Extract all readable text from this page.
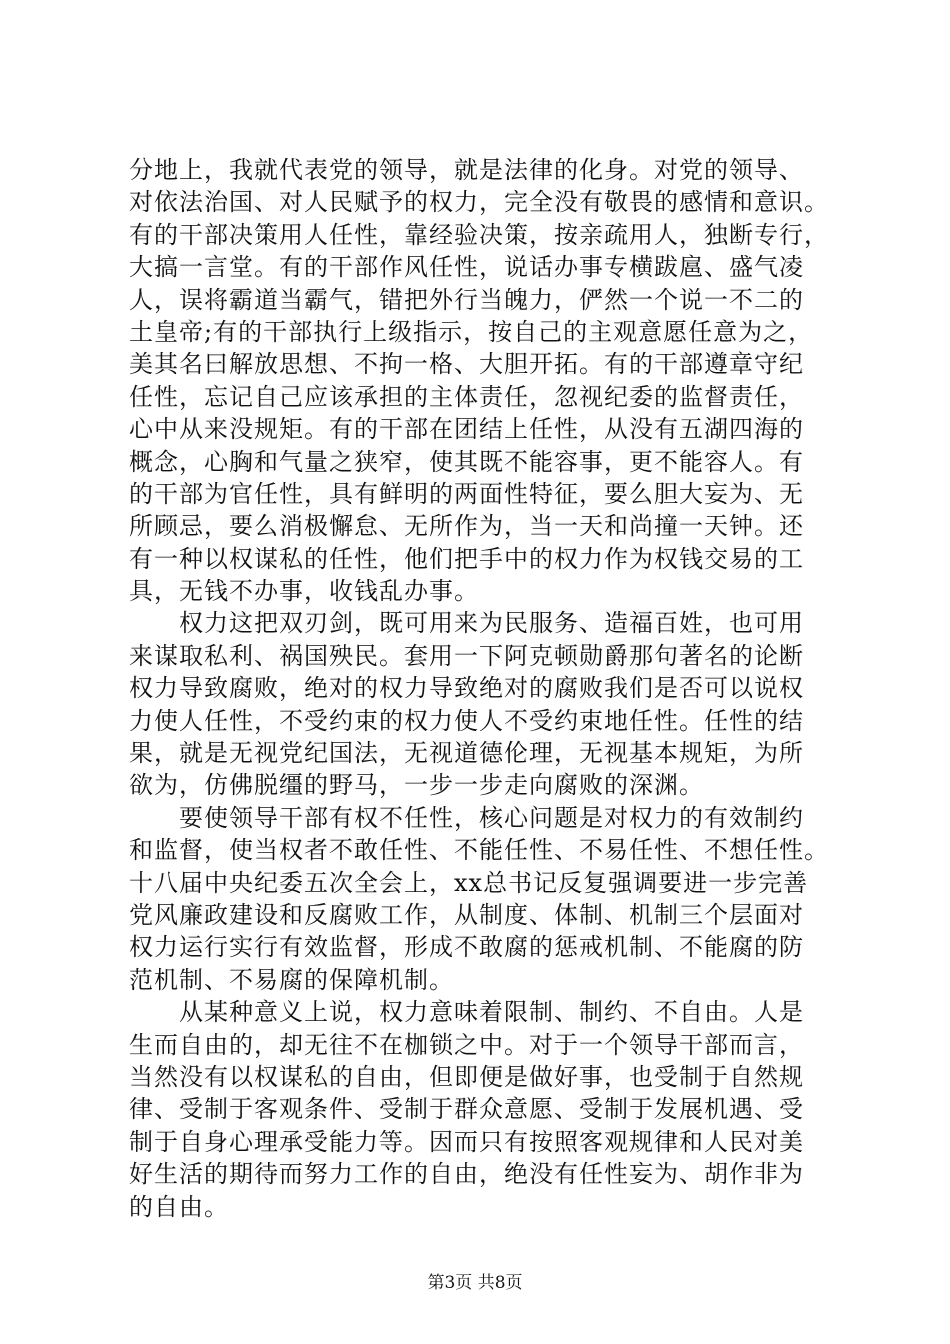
分地上，我就代表党的领导，就是法律的化身。对党的领导、
对依法治国、对人民赋予的权力，完全没有敬畏的感情和意识。
有的干部决策用人任性，靠经验决策，按亲疏用人，独断专行，
大搞一言堂。有的干部作风任性，说话办事专横跋扈、盛气凌
人，误将霸道当霸气，错把外行当魄力，俨然一个说一不二的
土皇帝;有的干部执行上级指示，按自己的主观意愿任意为之，
美其名曰解放思想、不拘一格、大胆开拓。有的干部遵章守纪
任性，忘记自己应该承担的主体责任，忽视纪委的监督责任，
心中从来没规矩。有的干部在团结上任性，从没有五湖四海的
概念，心胸和气量之狭窄，使其既不能容事，更不能容人。有
的干部为官任性，具有鲜明的两面性特征，要么胆大妄为、无
所顾忌，要么消极懈怠、无所作为，当一天和尚撞一天钟。还
有一种以权谋私的任性，他们把手中的权力作为权钱交易的工
具，无钱不办事，收钱乱办事。
　　权力这把双刃剑，既可用来为民服务、造福百姓，也可用
来谋取私利、祸国殃民。套用一下阿克顿勋爵那句著名的论断
权力导致腐败，绝对的权力导致绝对的腐败我们是否可以说权
力使人任性，不受约束的权力使人不受约束地任性。任性的结
果，就是无视党纪国法，无视道德伦理，无视基本规矩，为所
欲为，仿佛脱缰的野马，一步一步走向腐败的深渊。
　　要使领导干部有权不任性，核心问题是对权力的有效制约
和监督，使当权者不敢任性、不能任性、不易任性、不想任性。
十八届中央纪委五次全会上，xx总书记反复强调要进一步完善
党风廉政建设和反腐败工作，从制度、体制、机制三个层面对
权力运行实行有效监督，形成不敢腐的惩戒机制、不能腐的防
范机制、不易腐的保障机制。
　　从某种意义上说，权力意味着限制、制约、不自由。人是
生而自由的，却无往不在枷锁之中。对于一个领导干部而言，
当然没有以权谋私的自由，但即便是做好事，也受制于自然规
律、受制于客观条件、受制于群众意愿、受制于发展机遇、受
制于自身心理承受能力等。因而只有按照客观规律和人民对美
好生活的期待而努力工作的自由，绝没有任性妄为、胡作非为
的自由。
第3页 共8页
